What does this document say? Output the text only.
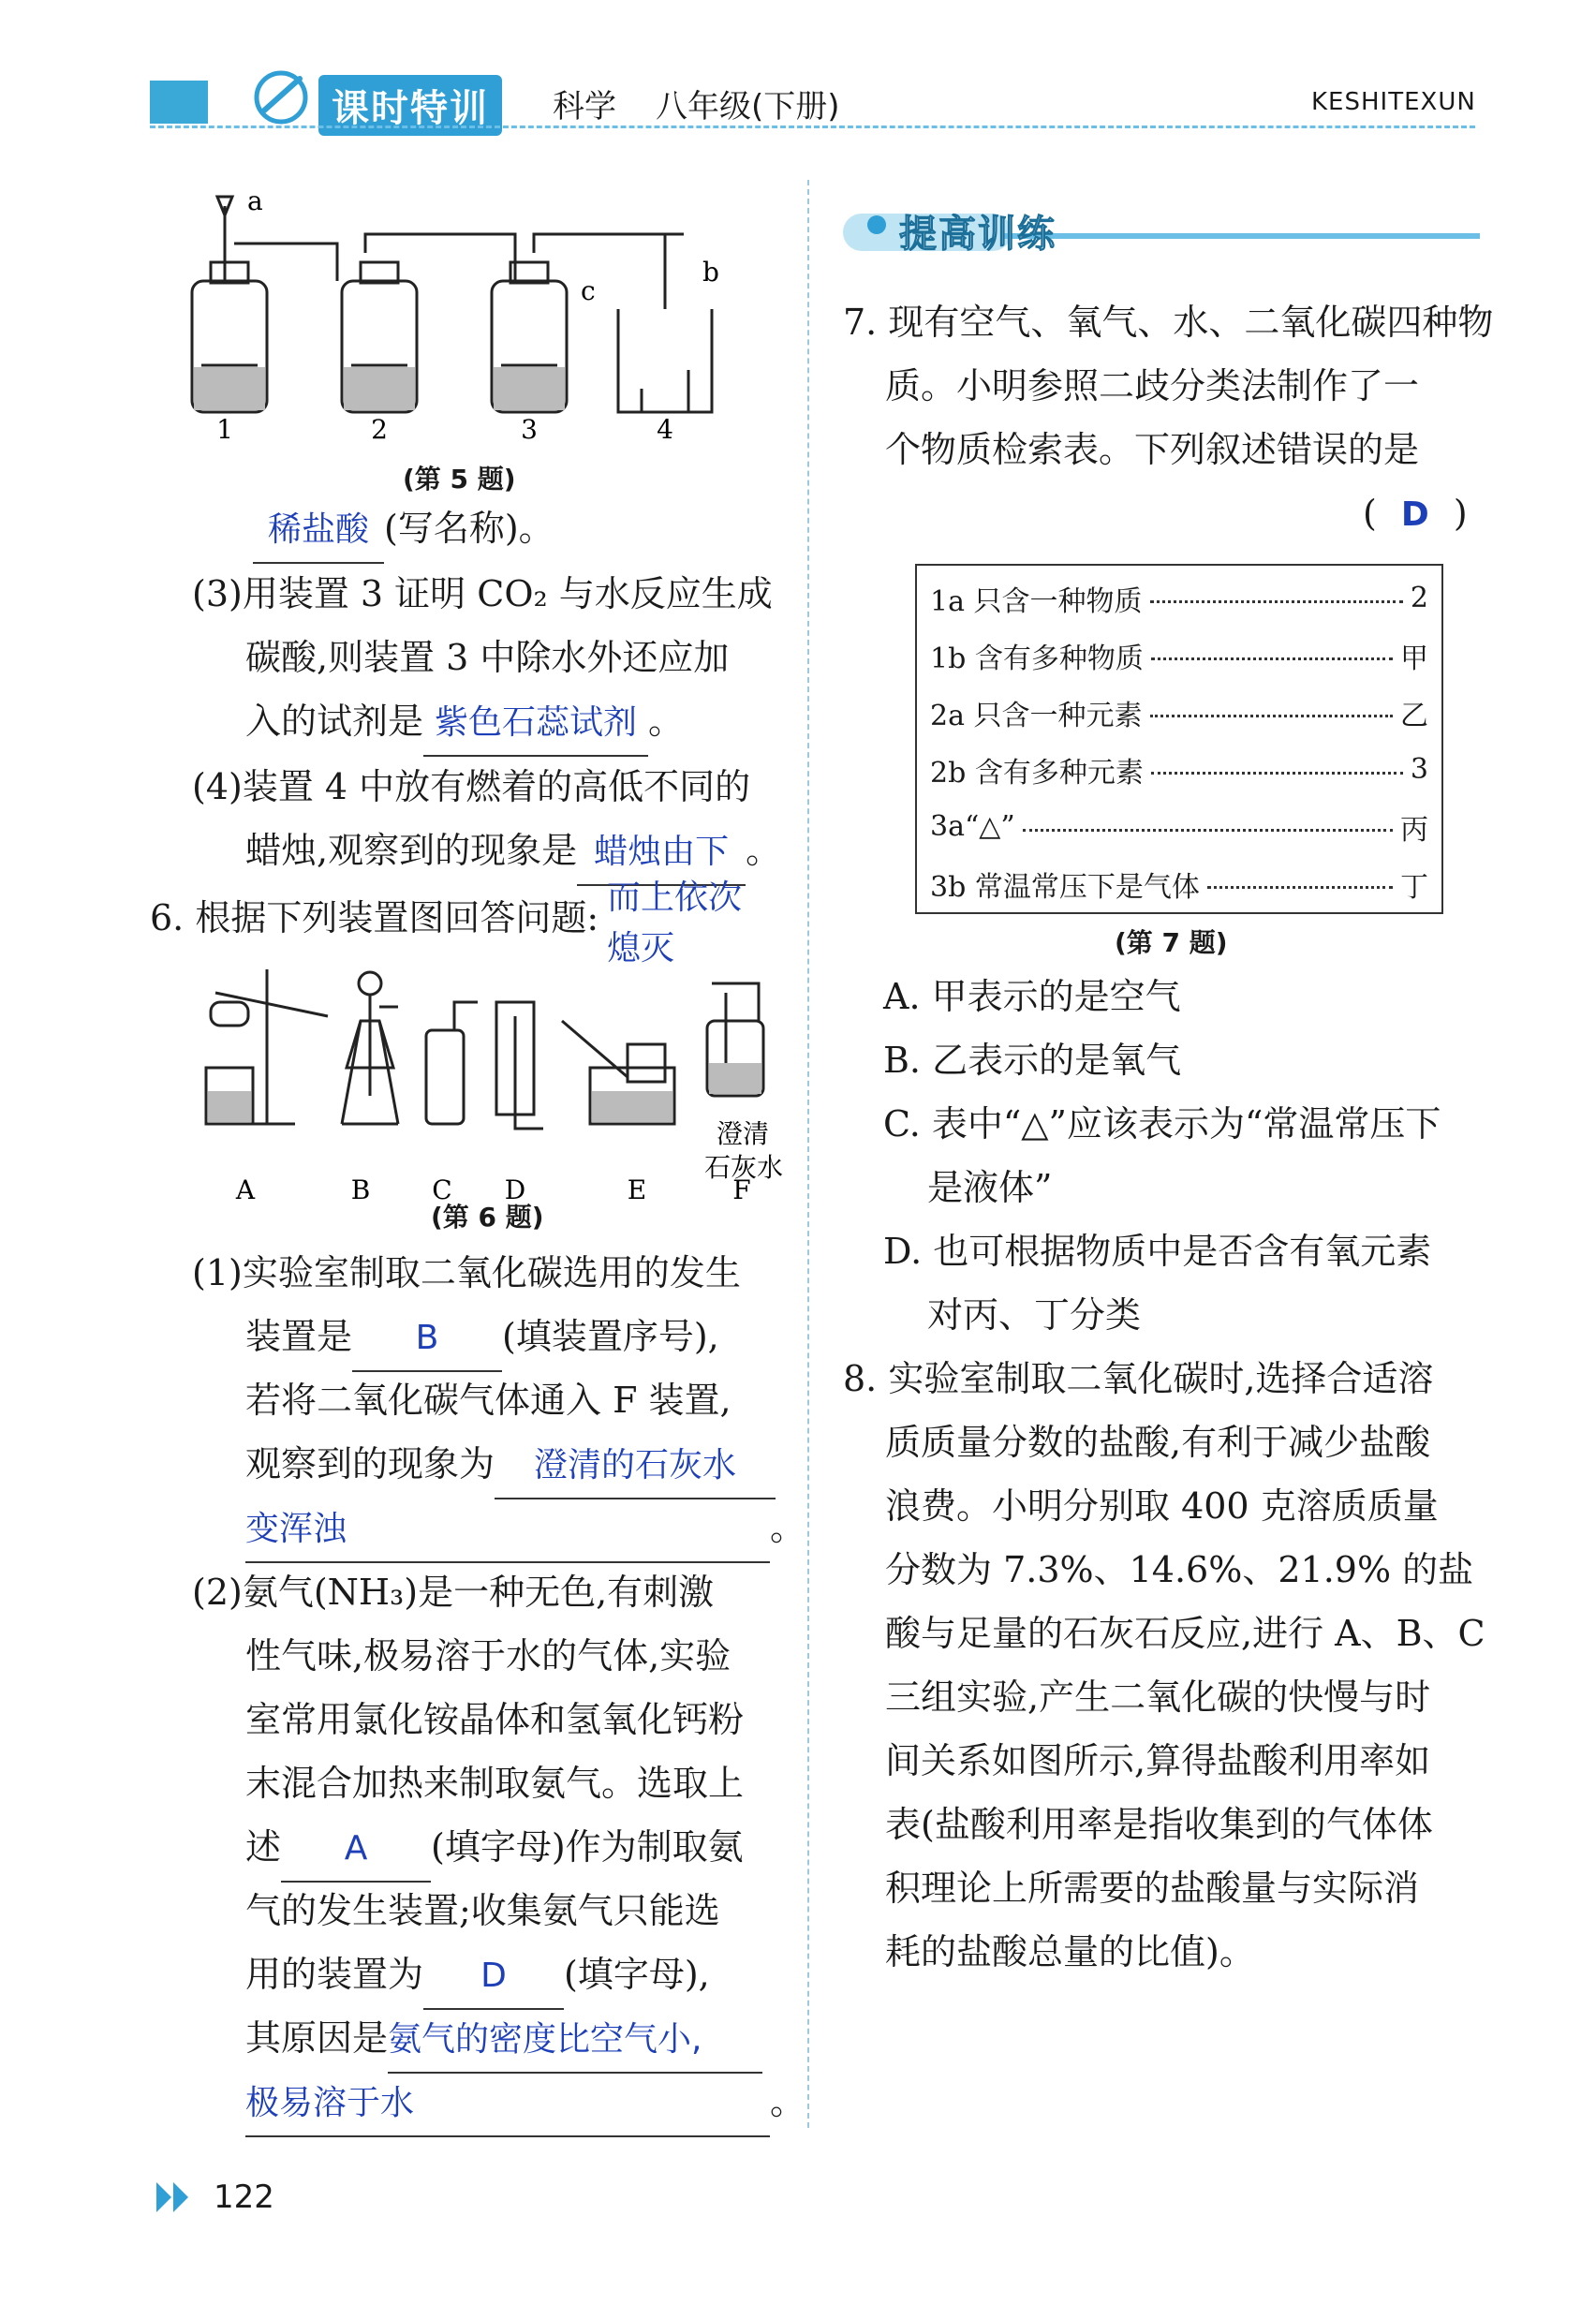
课时特训	科学 八年级(下册)	KESHITEXUN
a
b
c
1	2	3	4
(第 5 题)
稀盐酸 (写名称)。
(3)用装置 3 证明 CO₂ 与水反应生成
碳酸,则装置 3 中除水外还应加
入的试剂是 紫色石蕊试剂 。
(4)装置 4 中放有燃着的高低不同的
蜡烛,观察到的现象是 蜡烛由下 。
而上依次
熄灭
6. 根据下列装置图回答问题:
澄清
石灰水
A	B C D	E	F
(第 6 题)
(1)实验室制取二氧化碳选用的发生
装置是 B (填装置序号),
若将二氧化碳气体通入 F 装置,
观察到的现象为 澄清的石灰水
变浑浊	。
(2)氨气(NH₃)是一种无色,有刺激
性气味,极易溶于水的气体,实验
室常用氯化铵晶体和氢氧化钙粉
末混合加热来制取氨气。选取上
述 A (填字母)作为制取氨
气的发生装置;收集氨气只能选
用的装置为 D (填字母),
其原因是氨气的密度比空气小,
极易溶于水	。
提高训练
7. 现有空气、氧气、水、二氧化碳四种物
质。小明参照二歧分类法制作了一
个物质检索表。下列叙述错误的是
( D )
1a 只含一种物质	2
1b 含有多种物质	甲
2a 只含一种元素	乙
2b 含有多种元素	3
3a“△”	丙
3b 常温常压下是气体	丁
(第 7 题)
A. 甲表示的是空气
B. 乙表示的是氧气
C. 表中“△”应该表示为“常温常压下
是液体”
D. 也可根据物质中是否含有氧元素
对丙、丁分类
8. 实验室制取二氧化碳时,选择合适溶
质质量分数的盐酸,有利于减少盐酸
浪费。小明分别取 400 克溶质质量
分数为 7.3%、14.6%、21.9% 的盐
酸与足量的石灰石反应,进行 A、B、C
三组实验,产生二氧化碳的快慢与时
间关系如图所示,算得盐酸利用率如
表(盐酸利用率是指收集到的气体体
积理论上所需要的盐酸量与实际消
耗的盐酸总量的比值)。
122
